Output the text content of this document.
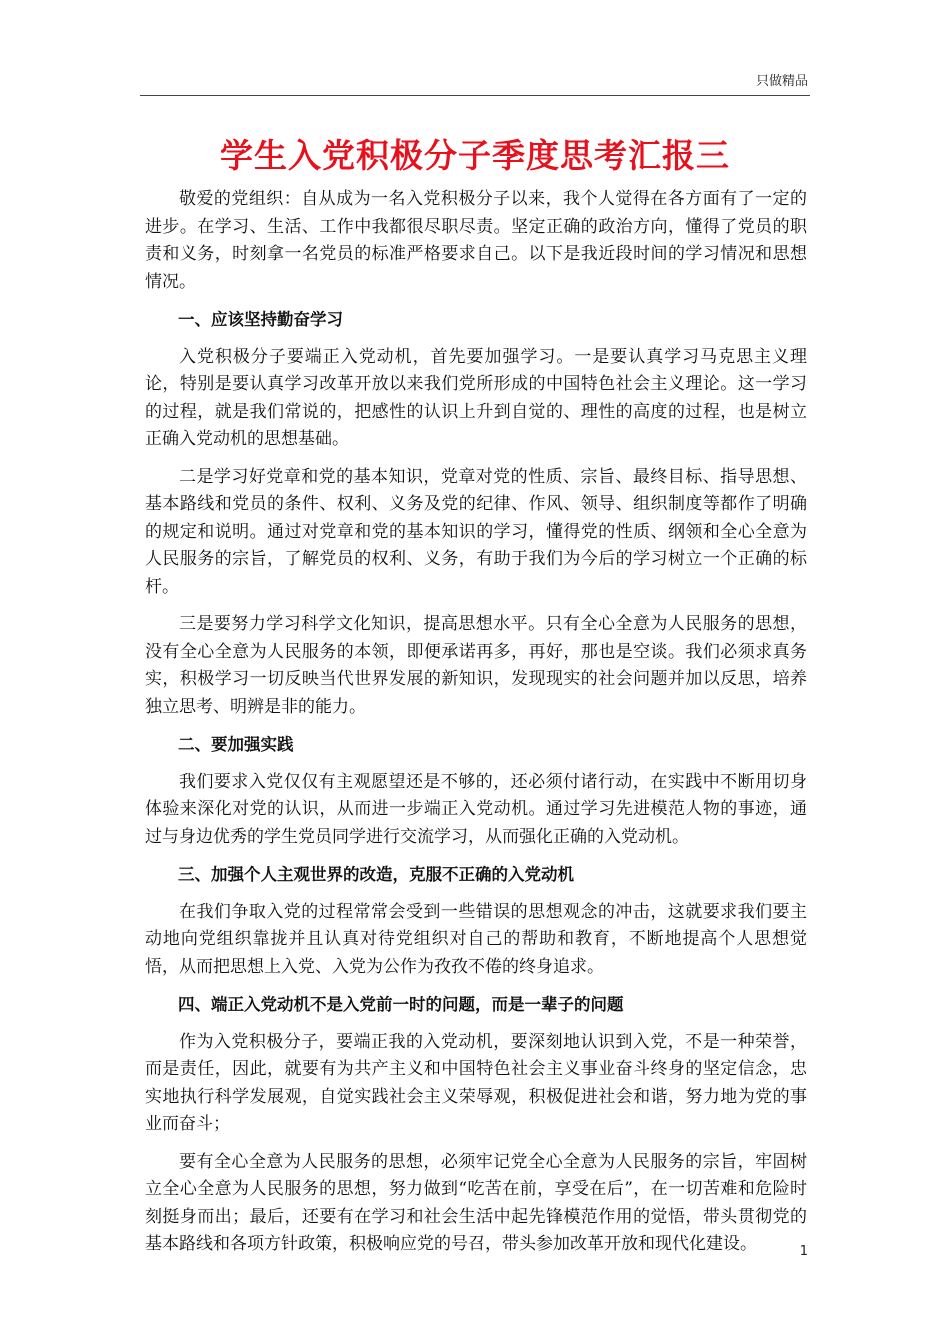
只做精品
学生入党积极分子季度思考汇报三

敬爱的党组织：自从成为一名入党积极分子以来，我个人觉得在各方面有了一定的进步。在学习、生活、工作中我都很尽职尽责。坚定正确的政治方向，懂得了党员的职责和义务，时刻拿一名党员的标准严格要求自己。以下是我近段时间的学习情况和思想情况。

一、应该坚持勤奋学习

入党积极分子要端正入党动机，首先要加强学习。一是要认真学习马克思主义理论，特别是要认真学习改革开放以来我们党所形成的中国特色社会主义理论。这一学习的过程，就是我们常说的，把感性的认识上升到自觉的、理性的高度的过程，也是树立正确入党动机的思想基础。

二是学习好党章和党的基本知识，党章对党的性质、宗旨、最终目标、指导思想、基本路线和党员的条件、权利、义务及党的纪律、作风、领导、组织制度等都作了明确的规定和说明。通过对党章和党的基本知识的学习，懂得党的性质、纲领和全心全意为人民服务的宗旨，了解党员的权利、义务，有助于我们为今后的学习树立一个正确的标杆。

三是要努力学习科学文化知识，提高思想水平。只有全心全意为人民服务的思想，没有全心全意为人民服务的本领，即便承诺再多，再好，那也是空谈。我们必须求真务实，积极学习一切反映当代世界发展的新知识，发现现实的社会问题并加以反思，培养独立思考、明辨是非的能力。

二、要加强实践

我们要求入党仅仅有主观愿望还是不够的，还必须付诸行动，在实践中不断用切身体验来深化对党的认识，从而进一步端正入党动机。通过学习先进模范人物的事迹，通过与身边优秀的学生党员同学进行交流学习，从而强化正确的入党动机。

三、加强个人主观世界的改造，克服不正确的入党动机

在我们争取入党的过程常常会受到一些错误的思想观念的冲击，这就要求我们要主动地向党组织靠拢并且认真对待党组织对自己的帮助和教育，不断地提高个人思想觉悟，从而把思想上入党、入党为公作为孜孜不倦的终身追求。

四、端正入党动机不是入党前一时的问题，而是一辈子的问题

作为入党积极分子，要端正我的入党动机，要深刻地认识到入党，不是一种荣誉，而是责任，因此，就要有为共产主义和中国特色社会主义事业奋斗终身的坚定信念，忠实地执行科学发展观，自觉实践社会主义荣辱观，积极促进社会和谐，努力地为党的事业而奋斗；

要有全心全意为人民服务的思想，必须牢记党全心全意为人民服务的宗旨，牢固树立全心全意为人民服务的思想，努力做到“吃苦在前，享受在后”，在一切苦难和危险时刻挺身而出；最后，还要有在学习和社会生活中起先锋模范作用的觉悟，带头贯彻党的基本路线和各项方针政策，积极响应党的号召，带头参加改革开放和现代化建设。	1
